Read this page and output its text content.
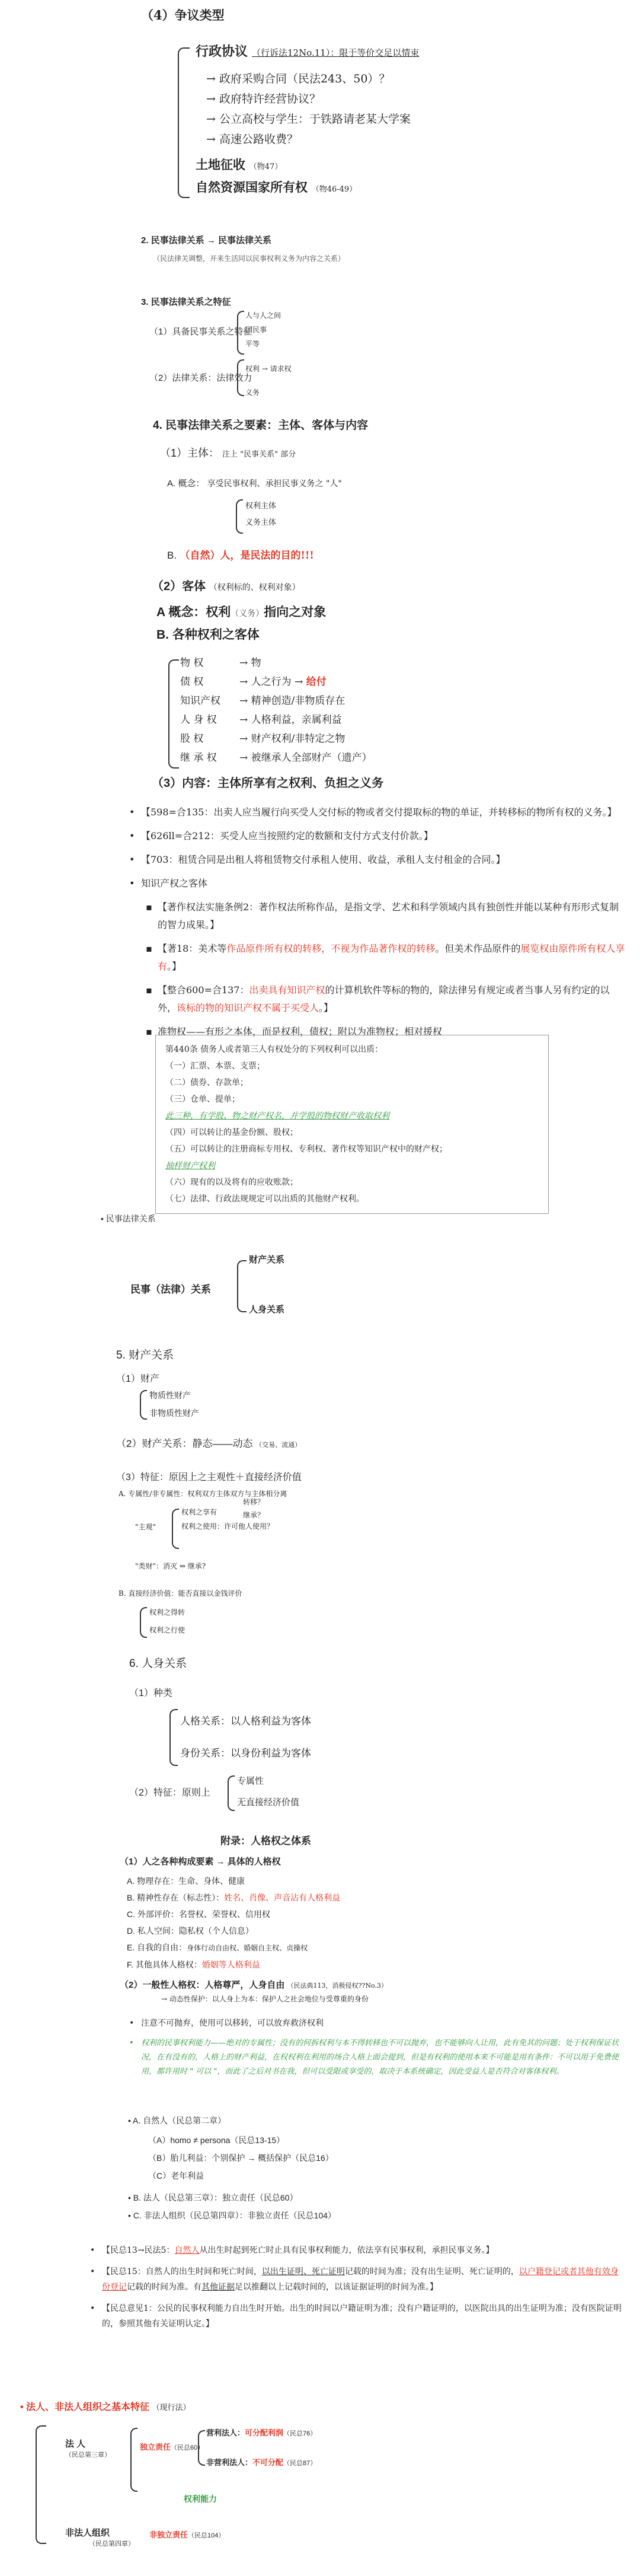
（4）争议类型
行政协议 （行诉法12No.11）：限于等价交足以情束
→ 政府采购合同（民法243、50）？
→ 政府特许经营协议？
→ 公立高校与学生：于铁路请老某大学案
→ 高速公路收费？
土地征收 （物47）
自然资源国家所有权 （物46-49）
2. 民事法律关系 → 民事法律关系
（民法律关调整，开来生活同以民事权利义务为内容之关系）
3. 民事法律关系之特征
（1）具备民事关系之特征
人与人之间
国民事
平等
（2）法律关系：法律效力
权利 → 请求权
义务
4. 民事法律关系之要素：主体、客体与内容
（1）主体： 注上 "民事关系" 部分
A. 概念： 享受民事权利、承担民事义务之 "人"
权利主体
义务主体
B. （自然）人，是民法的目的!!!
（2）客体 （权利标的、权利对象）
A 概念：权利（义务）指向之对象
B. 各种权利之客体
物 权	→ 物
债 权	→ 人之行为 → 给付
知识产权 → 精神创造/非物质存在
人 身 权 → 人格利益，亲属利益
股 权	→ 财产权利/非特定之物
继 承 权 → 被继承人全部财产（遗产）
（3）内容：主体所享有之权利、负担之义务
• 【598=合135：出卖人应当履行向买受人交付标的物或者交付提取标的物的单证，并转移标的物所有权的义务。】
• 【626ll=合212：买受人应当按照约定的数额和支付方式支付价款。】
• 【703：租赁合同是出租人将租赁物交付承租人使用、收益，承租人支付租金的合同。】
• 知识产权之客体
▪ 【著作权法实施条例2：著作权法所称作品，是指文学、艺术和科学领域内具有独创性并能以某种有形形式复制的智力成果。】
▪ 【著18：美术等作品原件所有权的转移，不视为作品著作权的转移。但美术作品原件的展览权由原件所有权人享有。】
▪ 【整合600=合137：出卖具有知识产权的计算机软件等标的物的，除法律另有规定或者当事人另有约定的以外，该标的物的知识产权不属于买受人。】
▪ 准物权——有形之本体，而是权利，债权；附以为准物权；相对援权
第440条 债务人或者第三人有权处分的下列权利可以出质：
（一）汇票、本票、支票；
（二）债券、存款单；
（三）仓单、提单；
此三种，有学股、物之财产权名，并学股的物权财产收取权利
（四）可以转让的基金份额、股权；
（五）可以转让的注册商标专用权、专利权、著作权等知识产权中的财产权；
抽样财产权利
（六）现有的以及将有的应收账款；
（七）法律、行政法规规定可以出质的其他财产权利。
• 民事法律关系
民事（法律）关系
财产关系
人身关系
5. 财产关系
（1）财产
物质性财产
非物质性财产
（2）财产关系：静态——动态 （交易、流通）
（3）特征：原因上之主观性＋直接经济价值
A. 专属性/非专属性：权利双方主体双方与主体相分离
"主观"
权利之享有
权利之使用：许可他人使用？
转移？
继承？
"类财"：消灭 ⇔ 继承?
B. 直接经济价值：能否直接以金钱评价
权利之得转
权利之行使
6. 人身关系
（1）种类
人格关系：以人格利益为客体
身份关系：以身份利益为客体
（2）特征：原则上
专属性
无直接经济价值
附录：人格权之体系
（1）人之各种构成要素 → 具体的人格权
A. 物理存在：生命、身体、健康
B. 精神性存在（标志性）：姓名、肖像、声音沾有人格利益
C. 外部评价：名誉权、荣誉权、信用权
D. 私人空间：隐私权（个人信息）
E. 自我的自由：身体行动自由权、婚姻自主权、贞操权
F. 其他具体人格权：婚姻等人格利益
（2）一般性人格权：人格尊严，人身自由 （民法典113，消极侵权??No.3）
→ 动态性保护：以人身上为本：保护人之社会地位与受尊重的身份
• 注意不可抛弃，使用可以移转，可以放弃救济权利
• 权利的民事权利能力——绝对的专属性；没有的何拆权利与本不得转移也不可以抛弃，也不能够向人让用，此有免其的问题；处于权利保证状况，在有没有的，人格上的财产利益，在权权利在利用的场合人格上面会提到，但是有权利的使用本来不可能是用有条件：不可以用于免费使用，都许用时 " 可以 "，而此了之后对书在我，但可以受限或享受的，取决于本系统确定，因此受益人是否符合对客体权利。
• A. 自然人（民总第二章）
（A）homo ≠ persona（民总13-15）
（B）胎儿利益：个别保护 → 概括保护（民总16）
（C）老年利益
• B. 法人（民总第三章）：独立责任（民总60）
• C. 非法人组织（民总第四章）：非独立责任（民总104）
• 【民总13→民法5：自然人从出生时起到死亡时止具有民事权利能力，依法享有民事权利，承担民事义务。】
• 【民总15：自然人的出生时间和死亡时间，以出生证明、死亡证明记载的时间为准；没有出生证明、死亡证明的，以户籍登记或者其他有效身份登记记载的时间为准。有其他证据足以推翻以上记载时间的，以该证据证明的时间为准。】
• 【民总意见1：公民的民事权利能力自出生时开始。出生的时间以户籍证明为准；没有户籍证明的，以医院出具的出生证明为准；没有医院证明的，参照其他有关证明认定。】
• 法人、非法人组织之基本特征 （现行法）
法 人
（民总第三章）
独立责任（民总60）
营利法人：可分配利润（民总76）
非营利法人：不可分配（民总87）
权利能力
非法人组织
（民总第四章）
非独立责任（民总104）
